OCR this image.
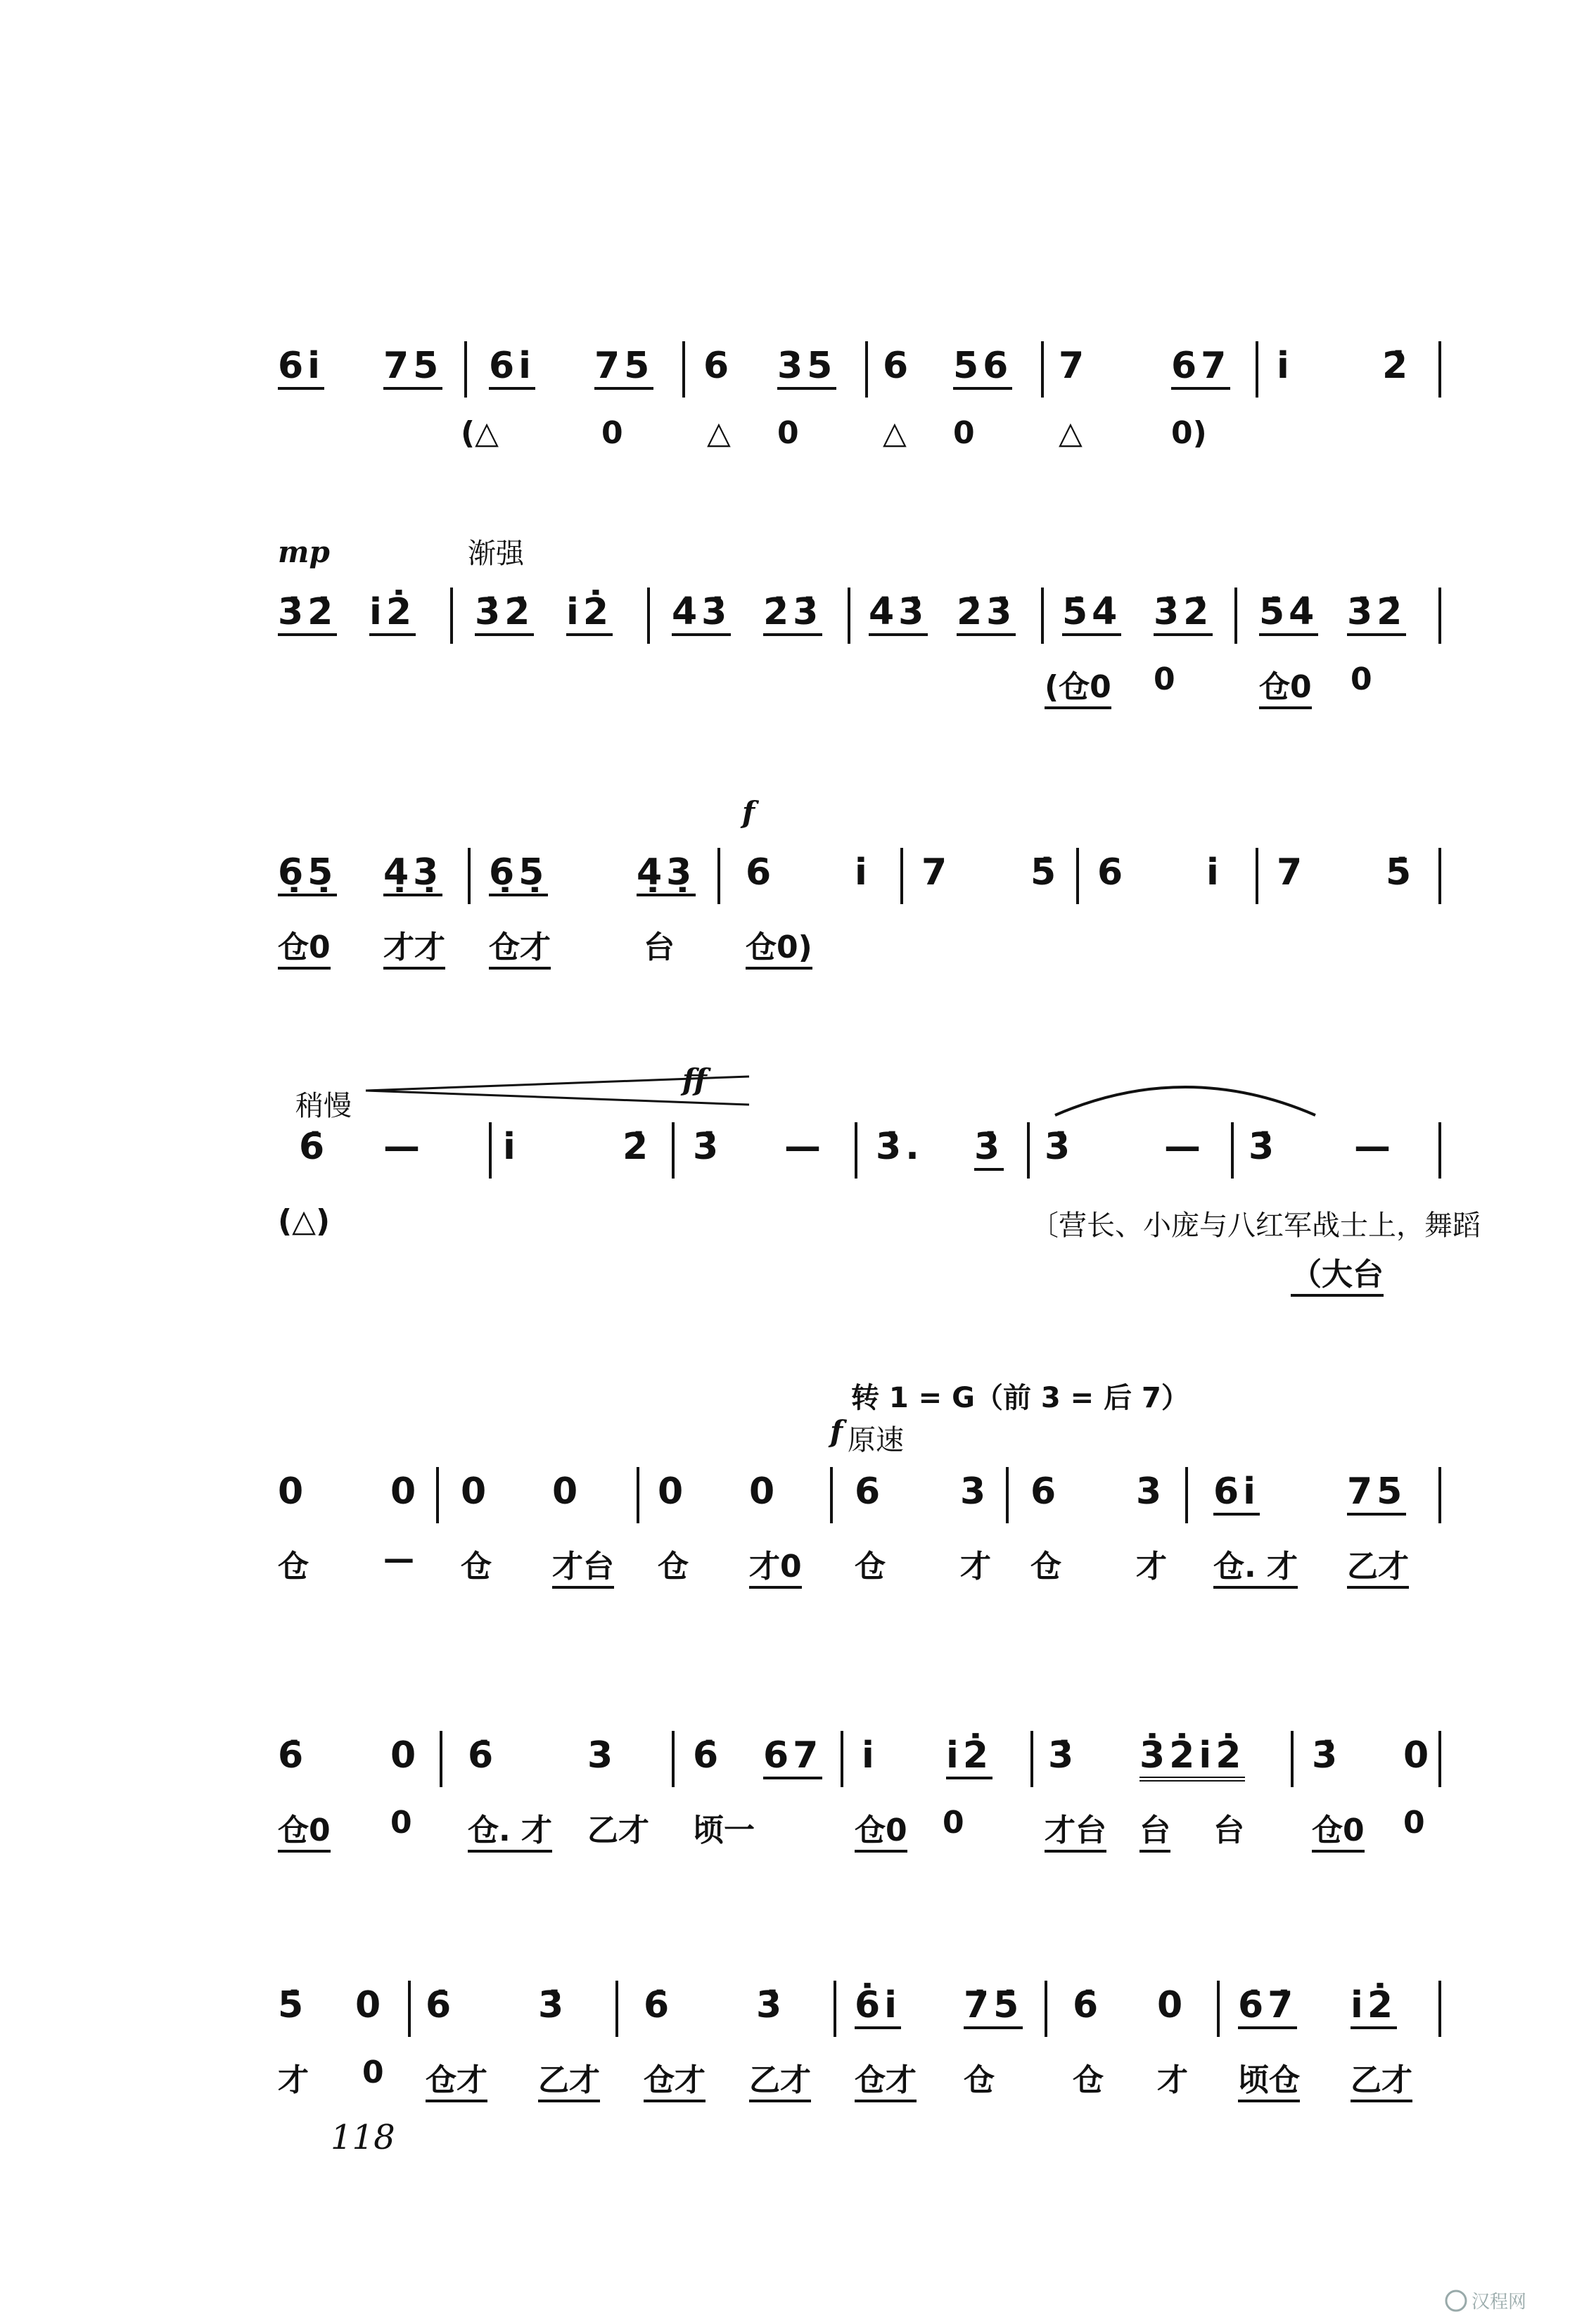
6i̇ 75 6i̇ 75 6 35 6 56 7 67 i̇ 2̇
(△	0	△ 0	△ 0	△	0)
mp	渐强
3̇2̇ i̇2̇ 3̇2̇ i̇2̇ 4̇3̇ 2̇3̇ 4̇3̇ 2̇3̇ 5̇4̇ 3̇2̇ 5̇4̇ 3̇2̇
(仓0 0	仓0 0
f
6̣5̣ 4̣3̣ 6̣5̣ 4̣3̣ 6 i̇ 7 5̇ 6 i̇ 7 5̇
仓0 才才 仓才	台 仓0)
稍慢
ff
6̇ — i̇	2̇ 3̇ — 3̇. 3̇ 3̇ — 3̇ —
(△)	〔营长、小庞与八红军战士上，舞蹈
（大台
转 1 = G（前 3 = 后 7）
f 原速
0 0 0 0 0 0 6 3 6 3 6i̇ 75
仓 — 仓 才台 仓 才0 仓 才 仓 才 仓. 才 乙才
6̇ 0 6̇ 3 6̇ 67 i̇ i̇2̇ 3̇ 3̇2̇i̇2̇ 3̇ 0
仓0 0 仓. 才 乙才 顷一	仓0 0	才台 台 台 仓0 0
5̇ 0 6̇ 3̇ 6̇ 3̇ 6̇i̇ 7̇5̇ 6̇ 0 6̇7̇ i̇2̇
才 0 仓才 乙才 仓才 乙才 仓才 仓	仓 才 顷仓 乙才
118
汉程网
